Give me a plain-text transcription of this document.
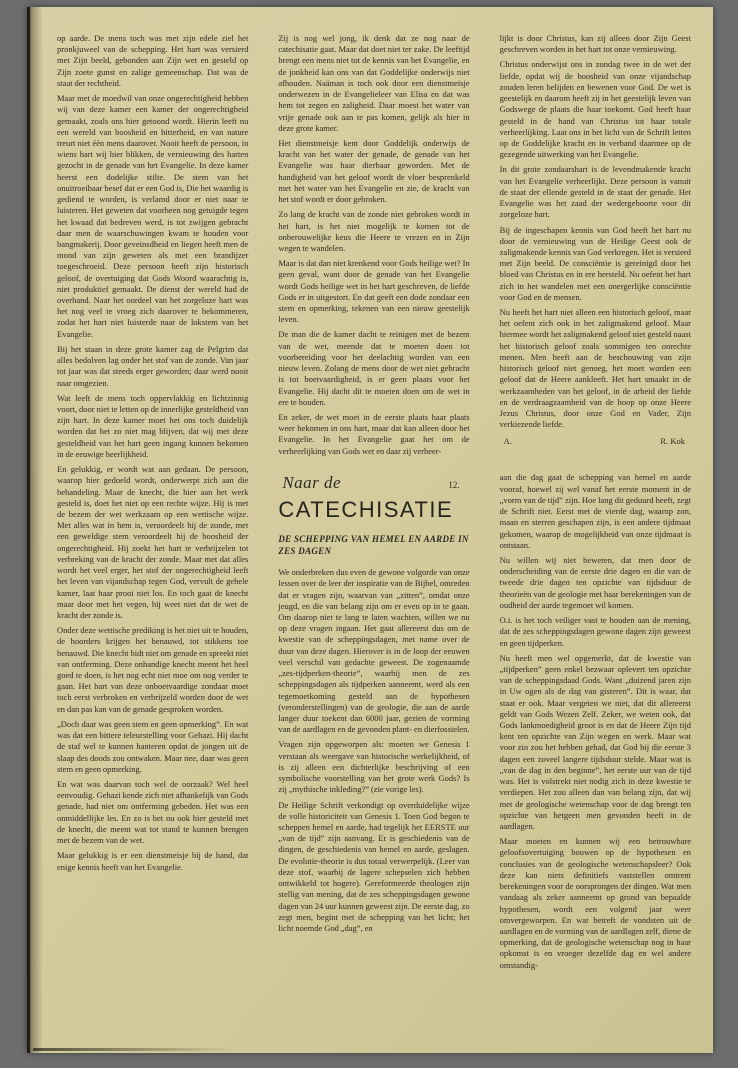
op aarde. De mens toch was met zijn edele ziel het pronkjuweel van de schepping. Het hart was versierd met Zijn beeld, gebonden aan Zijn wet en gesteld op Zijn zoete gunst en zalige gemeenschap. Dat was de staat der rechtheid.

Maar met de moedwil van onze ongerechtigheid hebben wij van deze kamer een kamer der ongerechtigheid gemaakt, zoals ons hier getoond wordt. Hierin leeft nu een wereld van boosheid en bitterheid, en van nature treurt niet één mens daarover. Nooit heeft de persoon, in wiens hart wij hier blikken, de vernieuwing des harten gezocht in de genade van het Evangelie. In deze kamer heerst een dodelijke stilte. De stem van het onuitroeibaar besef dat er een God is, Die het waardig is gediend te worden, is verlamd door er niet naar te luisteren. Het geweten dat voorheen nog getuigde tegen het kwaad dat bedreven werd, is tot zwijgen gebracht daar men de waarschuwingen kwam te houden voor bangmakerij. Door geveinsdheid en liegen heeft men de mond van zijn geweten als met een brandijzer toegeschroeid. Deze persoon heeft zijn historisch geloof, de overtuiging dat Gods Woord waarachtig is, niet produktief gemaakt. De dienst der wereld had de overhand. Naar het oordeel van het zorgeloze hart was het nog veel te vroeg zich daarover te bekommeren, zodat het hart niet luisterde naar de lokstem van het Evangelie.

Bij het staan in deze grote kamer zag de Pelgrim dat alles bedolven lag onder het stof van de zonde. Van jaar tot jaar was dat steeds erger geworden; daar werd nooit naar omgezien.

Wat leeft de mens toch oppervlakkig en lichtzinnig voort, door niet te letten op de innerlijke gesteldheid van zijn hart. In deze kamer moet het ons toch duidelijk worden dat het zo niet mag blijven, dat wij met deze gesteldheid van het hart geen ingang kunnen bekomen in de eeuwige heerlijkheid.

En gelukkig, er wordt wat aan gedaan. De persoon, waarop hier gedoeld wordt, onderwerpt zich aan die behandeling. Maar de knecht, die hier aan het werk gesteld is, doet het niet op een rechte wijze. Hij is met de bezem der wet werkzaam op een wettische wijze. Met alles wat in hem is, veroordeelt hij de zonde, met een geweldige stem veroordeelt hij de boosheid der ongerechtigheid. Hij zoekt het hart te verbrijzelen tot verbreking van de kracht der zonde. Maar met dat alles wordt het veel erger, het stof der ongerechtigheid leeft het leven van vijandschap tegen God, vervult de gehele kamer, laat haar prooi niet los. En toch gaat de knecht maar door met het vegen, hij weet niet dat de wet de kracht der zonde is.

Onder deze wettische prediking is het niet uit te houden, de hoorders krijgen het benauwd, tot stikkens toe benauwd. Die knecht bidt niet om genade en spreekt niet van ontferming. Deze onhandige knecht meent het heel goed te doen, is het nog echt niet moe om nog verder te gaan. Het hart van deze onboetvaardige zondaar moet toch eerst verbroken en verbrijzeld worden door de wet en dan pas kan van de genade gesproken worden.

„Doch daar was geen stem en geen opmerking”. En wat was dat een bittere teleurstelling voor Gehazi. Hij dacht de staf wel te kunnen hanteren opdat de jongen uit de slaap des doods zou ontwaken. Maar nee, daar was geen stem en geen opmerking.

En wat was daarvan toch wel de oorzaak? Wel heel eenvoudig. Gehazi kende zich niet afhankelijk van Gods genade, had niet om ontferming gebeden. Het was een onmiddellijke les. En zo is het nu ook hier gesteld met de knecht, die meent wat tot stand te kunnen brengen met de bezem van de wet.

Maar gelukkig is er een dienstmeisje bij de hand, dat enige kennis heeft van het Evangelie.

Zij is nog wel jong, ik denk dat ze nog naar de catechisatie gaat. Maar dat doet niet ter zake. De leeftijd brengt een mens niet tot de kennis van het Evangelie, en de jonkheid kan ons van dat Goddelijke onderwijs niet afhouden. Naäman is toch ook door een dienstmeisje onderwezen in de Evangelieleer van Elisa en dat was hem tot zegen en zaligheid. Daar moest het water van vrije genade ook aan te pas komen, gelijk als hier in deze grote kamer.

Het dienstmeisje kent door Goddelijk onderwijs de kracht van het water der genade, de genade van het Evangelie was haar dierbaar geworden. Met de handigheid van het geloof wordt de vloer besprenkeld met het water van het Evangelie en zie, de kracht van het stof wordt er door gebroken.

Zo lang de kracht van de zonde niet gebroken wordt in het hart, is het niet mogelijk te komen tot de onberouwelijke keus die Heere te vrezen en in Zijn wegen te wandelen.

Maar is dat dan niet krenkend voor Gods heilige wet? In geen geval, want door de genade van het Evangelie wordt Gods heilige wet in het hart geschreven, de liefde Gods er in uitgestort. En dat geeft een dode zondaar een stem en opmerking, tekenen van een nieuw geestelijk leven.

De man die de kamer dacht te reinigen met de bezem van de wet, meende dat te moeten doen tot voorbereiding voor het deelachtig worden van een nieuw leven. Zolang de mens door de wet niet gebracht is tot boetvaardigheid, is er geen plaats voor het Evangelie. Hij dacht dit te moeten doen om de wet in ere te houden.

En zeker, de wet moet in de eerste plaats haar plaats weer bekomen in ons hart, maar dat kan alleen door het Evangelie. In het Evangelie gaat het om de verheerlijking van Gods wet en daar zij verheer-

Naar de	12.
CATECHISATIE
DE SCHEPPING VAN HEMEL EN AARDE IN ZES DAGEN

We onderbreken dus even de gewone volgorde van onze lessen over de leer der inspiratie van de Bijbel, omreden dat er vragen zijn, waarvan van „zitten”, omdat onze jeugd, en die van belang zijn om er even op in te gaan. Om daarop niet te lang te laten wachten, willen we nu op deze vragen ingaan. Het gaat allereerst dus om de kwestie van de scheppingsdagen, met name over de duur van deze dagen. Hierover is in de loop der eeuwen veel verschil van gedachte geweest. De zogenaamde „zes-tijdperken-theorie”, waarbij men de zes scheppingsdagen als tijdperken aanneemt, werd als een tegemoetkoming gesteld aan de hypothesen (veronderstellingen) van de geologie, die aan de aarde langer duur toekent dan 6000 jaar, gezien de vorming van de aardlagen en de gevonden plant- en dierfossielen.

Vragen zijn opgeworpen als: moeten we Genesis 1 verstaan als weergave van historische werkelijkheid, of is zij alleen een dichterlijke beschrijving of een symbolische voorstelling van het grote werk Gods? Is zij „mythische inkleding?” (zie vorige les).

De Heilige Schrift verkondigt op overduidelijke wijze de volle historiciteit van Genesis 1. Toen God begon te scheppen hemel en aarde, had tegelijk het EERSTE uur „van de tijd” zijn aanvang. Er is geschiedenis van de dingen, de geschiedenis van hemel en aarde, geslagen. De evolutie-theorie is dus totaal verwerpelijk. (Leer van deze stof, waarbij de lagere schepselen zich hebben ontwikkeld tot hogere). Gereformeerde theologen zijn stellig van mening, dat de zes scheppingsdagen gewone dagen van 24 uur kunnen geweest zijn. De eerste dag, zo zegt men, begint met de schepping van het licht; het licht noemde God „dag”, en

lijkt is door Christus, kan zij alleen door Zijn Geest geschreven worden in het hart tot onze vernieuwing.

Christus onderwijst ons in zondag twee in de wet der liefde, opdat wij de boosheid van onze vijandschap zouden leren belijden en bewenen voor God. De wet is geestelijk en daarom heeft zij in het geestelijk leven van Godswege de plaats die haar toekomt. God heeft haar gesteld in de hand van Christus tot haar totale verheerlijking. Laat ons in het licht van de Schrift letten op de Goddelijke kracht en in verband daarmee op de gezegende uitwerking van het Evangelie.

In dit grote zondaarshart is de levendmakende kracht van het Evangelie verheerlijkt. Deze persoon is vanuit de staat der ellende gesteld in de staat der genade. Het Evangelie was het zaad der wedergeboorte voor dit zorgeloze hart.

Bij de ingeschapen kennis van God heeft het hart nu door de vernieuwing van de Heilige Geest ook de zaligmakende kennis van God verkregen. Het is versierd met Zijn beeld. De consciëntie is gereinigd door het bloed van Christus en in ere hersteld. Nu oefent het hart zich in het wandelen met een onergerlijke consciëntie voor God en de mensen.

Nu heeft het hart niet alleen een historisch geloof, maar het oefent zich ook in het zaligmakend geloof. Maar hiermee wordt het zaligmakend geloof niet gesteld naast het historisch geloof zoals sommigen ten onrechte menen. Men heeft aan de beschouwing van zijn historisch geloof niet genoeg, het moet worden een geloof dat de Heere aankleeft. Het hart smaakt in de werkzaamheden van het geloof, in de arbeid der liefde en de verdraagzaamheid van de hoop op onze Heere Jezus Christus, door onze God en Vader, Zijn verkiezende liefde.

A.	R. Kok

aan die dag gaat de schepping van hemel en aarde vooraf, hoewel zij wel vanaf het eerste moment in de „vorm van de tijd” zijn. Hoe lang dit geduurd heeft, zegt de Schrift niet. Eerst met de vierde dag, waarop zon, maan en sterren geschapen zijn, is een andere tijdmaat gekomen, waarop de mogelijkheid van onze tijdmaat is ontstaan.

Nu willen wij niet beweren, dat men door de onderscheiding van de eerste drie dagen en die van de tweede drie dagen ten opzichte van tijdsduur de theorieën van de geologie met haar berekeningen van de oudheid der aarde tegemoet wil komen.

O.i. is het toch veiliger vast te houden aan de mening, dat de zes scheppingsdagen gewone dagen zijn geweest en geen tijdperken.

Nu heeft men wel opgemerkt, dat de kwestie van „tijdperken” geen enkel bezwaar oplevert ten opzichte van de scheppingsdaad Gods. Want „duizend jaren zijn in Uw ogen als de dag van gisteren”. Dit is waar, dat staat er ook. Maar vergeten we niet, dat dit allereerst geldt van Gods Wezen Zelf. Zeker, we weten ook, dat Gods lankmoedigheid groot is en dat de Heere Zijn tijd kent ten opzichte van Zijn wegen en werk. Maar wat voor zin zou het hebben gehad, dat God bij die eerste 3 dagen een zoveel langere tijdsduur stelde. Maar wat is „van de dag in den beginne”, het eerste uur van de tijd was. Het is volstrekt niet nodig zich in deze kwestie te verdiepen. Het zou alleen dan van belang zijn, dat wij met de geologische wetenschap voor de dag brengt ten opzichte van hetgeen men gevonden heeft in de aardlagen.

Maar moeten en kunnen wij een betrouwbare geloofsovertuiging bouwen op de hypothesen en conclusies van de geologische wetenschapsleer? Ook deze kan niets definitiefs vaststellen omtrent berekeningen voor de oorsprongen der dingen. Wat men vandaag als zeker aanneemt op grond van bepaalde hypothesen, wordt een volgend jaar weer omvergeworpen. En wat betreft de vondsten uit de aardlagen en de vorming van de aardlagen zelf, diene de opmerking, dat de geologische wetenschap nog in haar opkomst is en vroeger dezelfde dag en wel andere omstandig-
